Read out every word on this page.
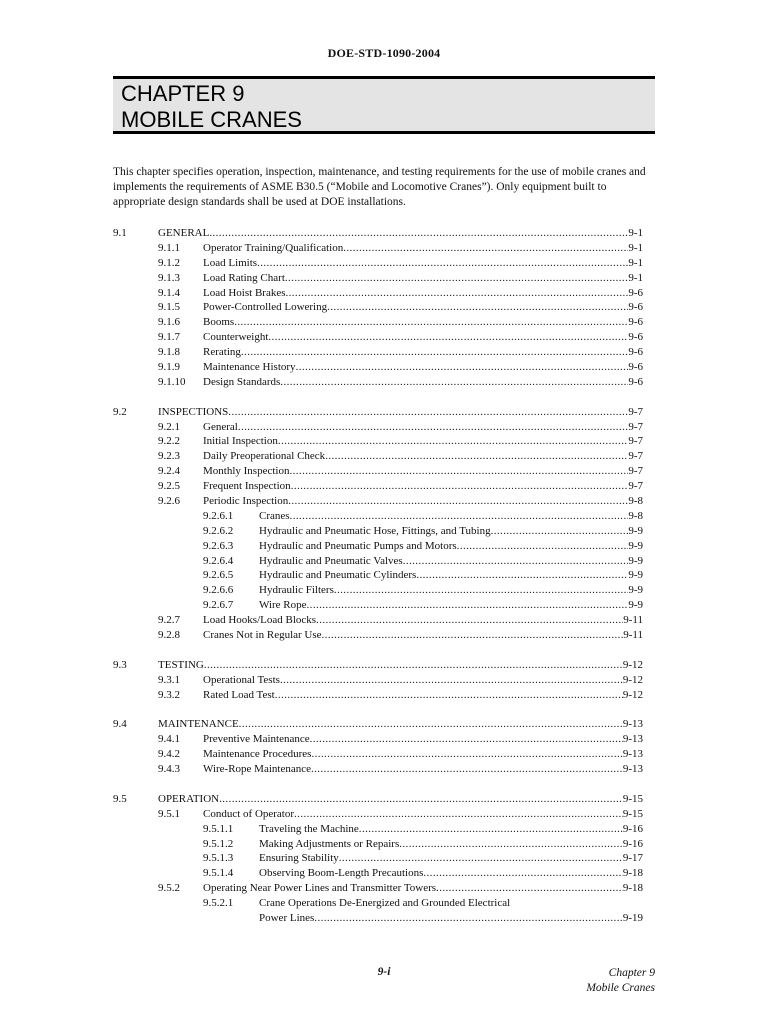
DOE-STD-1090-2004
CHAPTER 9
MOBILE CRANES

This chapter specifies operation, inspection, maintenance, and testing requirements for the use of mobile cranes and implements the requirements of ASME B30.5 (“Mobile and Locomotive Cranes”). Only equipment built to appropriate design standards shall be used at DOE installations.

9.1	GENERAL .....	9-1
9.1.1 Operator Training/Qualification .....	9-1
9.1.2 Load Limits .....	9-1
9.1.3 Load Rating Chart .....	9-1
9.1.4 Load Hoist Brakes .....	9-6
9.1.5 Power-Controlled Lowering .....	9-6
9.1.6 Booms .....	9-6
9.1.7 Counterweight .....	9-6
9.1.8 Rerating .....	9-6
9.1.9 Maintenance History .....	9-6
9.1.10 Design Standards .....	9-6
9.2	INSPECTIONS .....	9-7
9.2.1 General .....	9-7
9.2.2 Initial Inspection .....	9-7
9.2.3 Daily Preoperational Check .....	9-7
9.2.4 Monthly Inspection .....	9-7
9.2.5 Frequent Inspection .....	9-7
9.2.6 Periodic Inspection .....	9-8
9.2.6.1 Cranes .....	9-8
9.2.6.2 Hydraulic and Pneumatic Hose, Fittings, and Tubing .....	9-9
9.2.6.3 Hydraulic and Pneumatic Pumps and Motors .....	9-9
9.2.6.4 Hydraulic and Pneumatic Valves .....	9-9
9.2.6.5 Hydraulic and Pneumatic Cylinders .....	9-9
9.2.6.6 Hydraulic Filters .....	9-9
9.2.6.7 Wire Rope .....	9-9
9.2.7 Load Hooks/Load Blocks .....	9-11
9.2.8 Cranes Not in Regular Use .....	9-11
9.3	TESTING .....	9-12
9.3.1 Operational Tests .....	9-12
9.3.2 Rated Load Test .....	9-12
9.4	MAINTENANCE .....	9-13
9.4.1 Preventive Maintenance .....	9-13
9.4.2 Maintenance Procedures .....	9-13
9.4.3 Wire-Rope Maintenance .....	9-13
9.5	OPERATION .....	9-15
9.5.1 Conduct of Operator .....	9-15
9.5.1.1 Traveling the Machine .....	9-16
9.5.1.2 Making Adjustments or Repairs .....	9-16
9.5.1.3 Ensuring Stability .....	9-17
9.5.1.4 Observing Boom-Length Precautions .....	9-18
9.5.2 Operating Near Power Lines and Transmitter Towers .....	9-18
9.5.2.1 Crane Operations De-Energized and Grounded Electrical
Power Lines .....	9-19
9-i	Chapter 9
Mobile Cranes
